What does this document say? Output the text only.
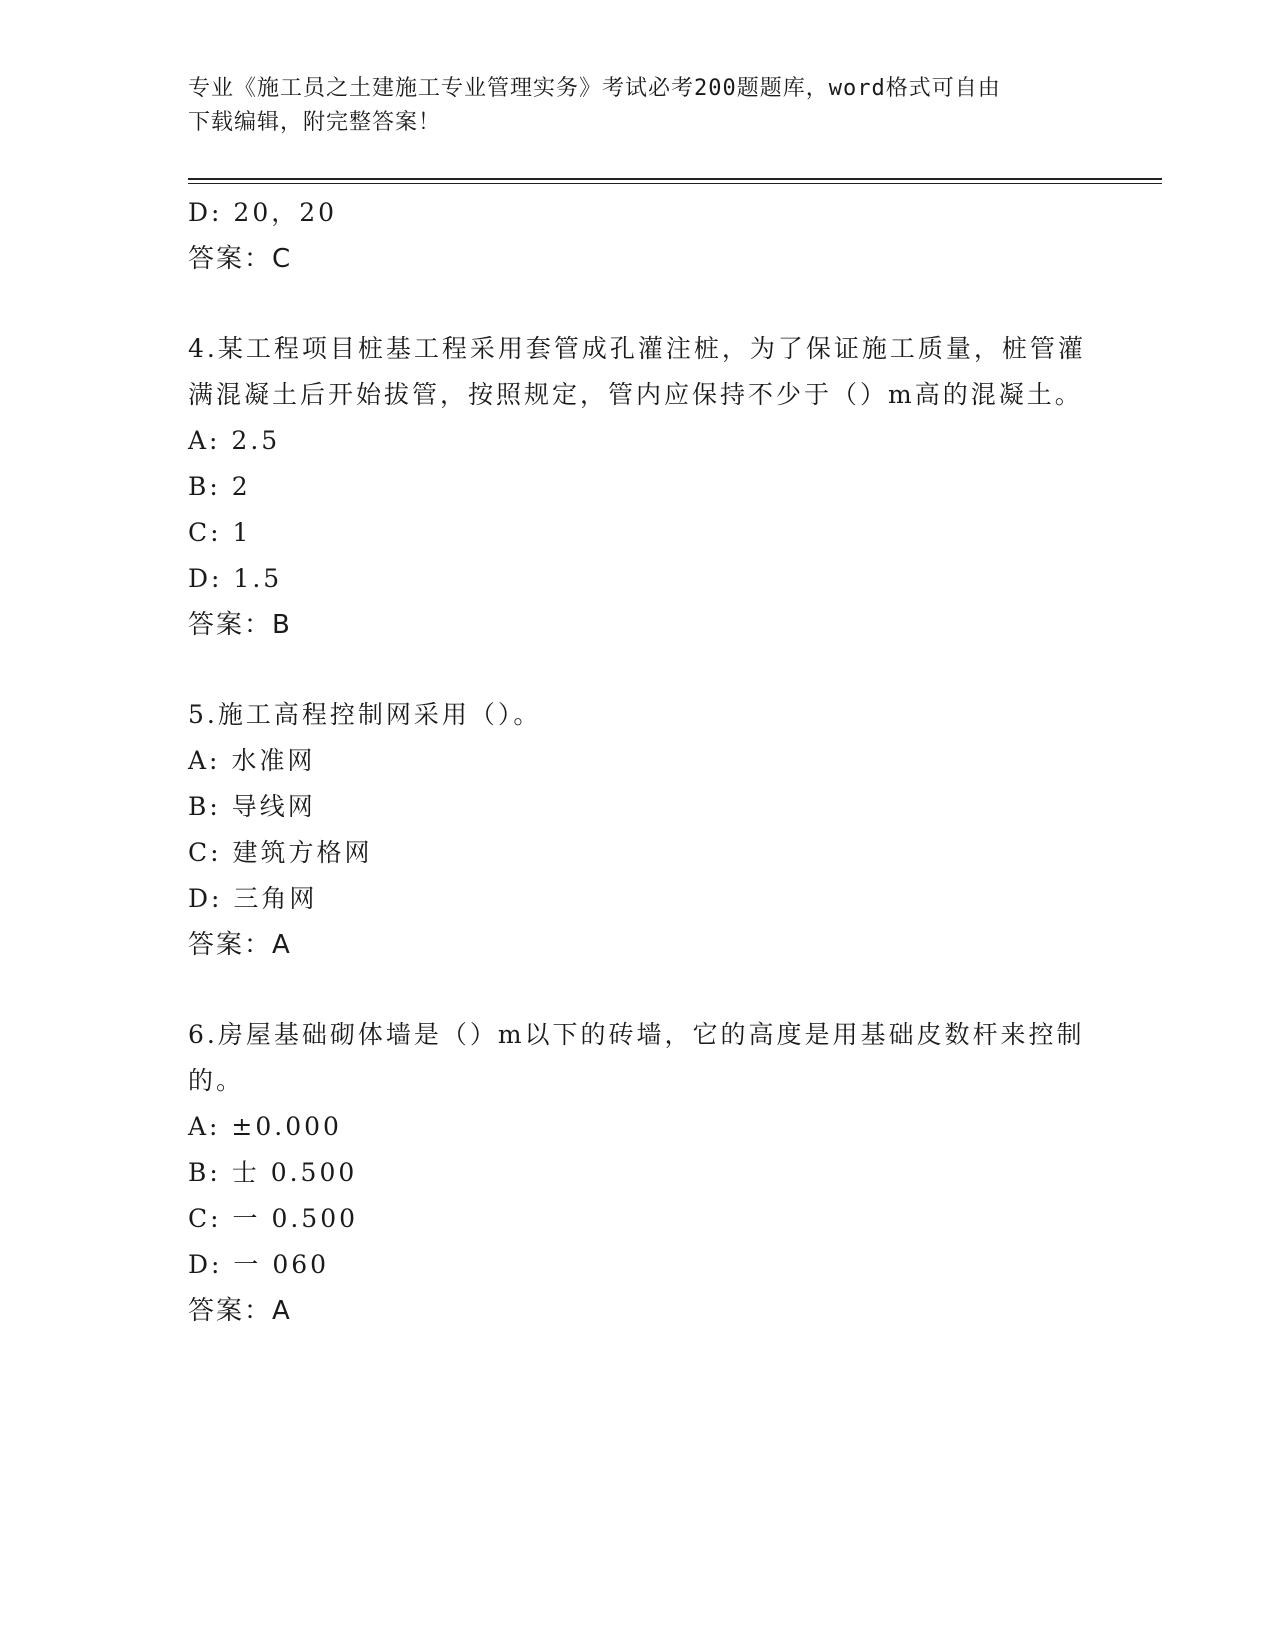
专业《施工员之土建施工专业管理实务》考试必考200题题库，word格式可自由
下载编辑，附完整答案！
D: 20，20
答案：C
4.某工程项目桩基工程采用套管成孔灌注桩，为了保证施工质量，桩管灌满混凝土后开始拔管，按照规定，管内应保持不少于（）m高的混凝土。
A: 2.5
B: 2
C: 1
D: 1.5
答案：B
5.施工高程控制网采用（）。
A: 水准网
B: 导线网
C: 建筑方格网
D: 三角网
答案：A
6.房屋基础砌体墙是（）m以下的砖墙，它的高度是用基础皮数杆来控制的。
A: ±0.000
B: 士 0.500
C: 一 0.500
D: 一 060
答案：A
